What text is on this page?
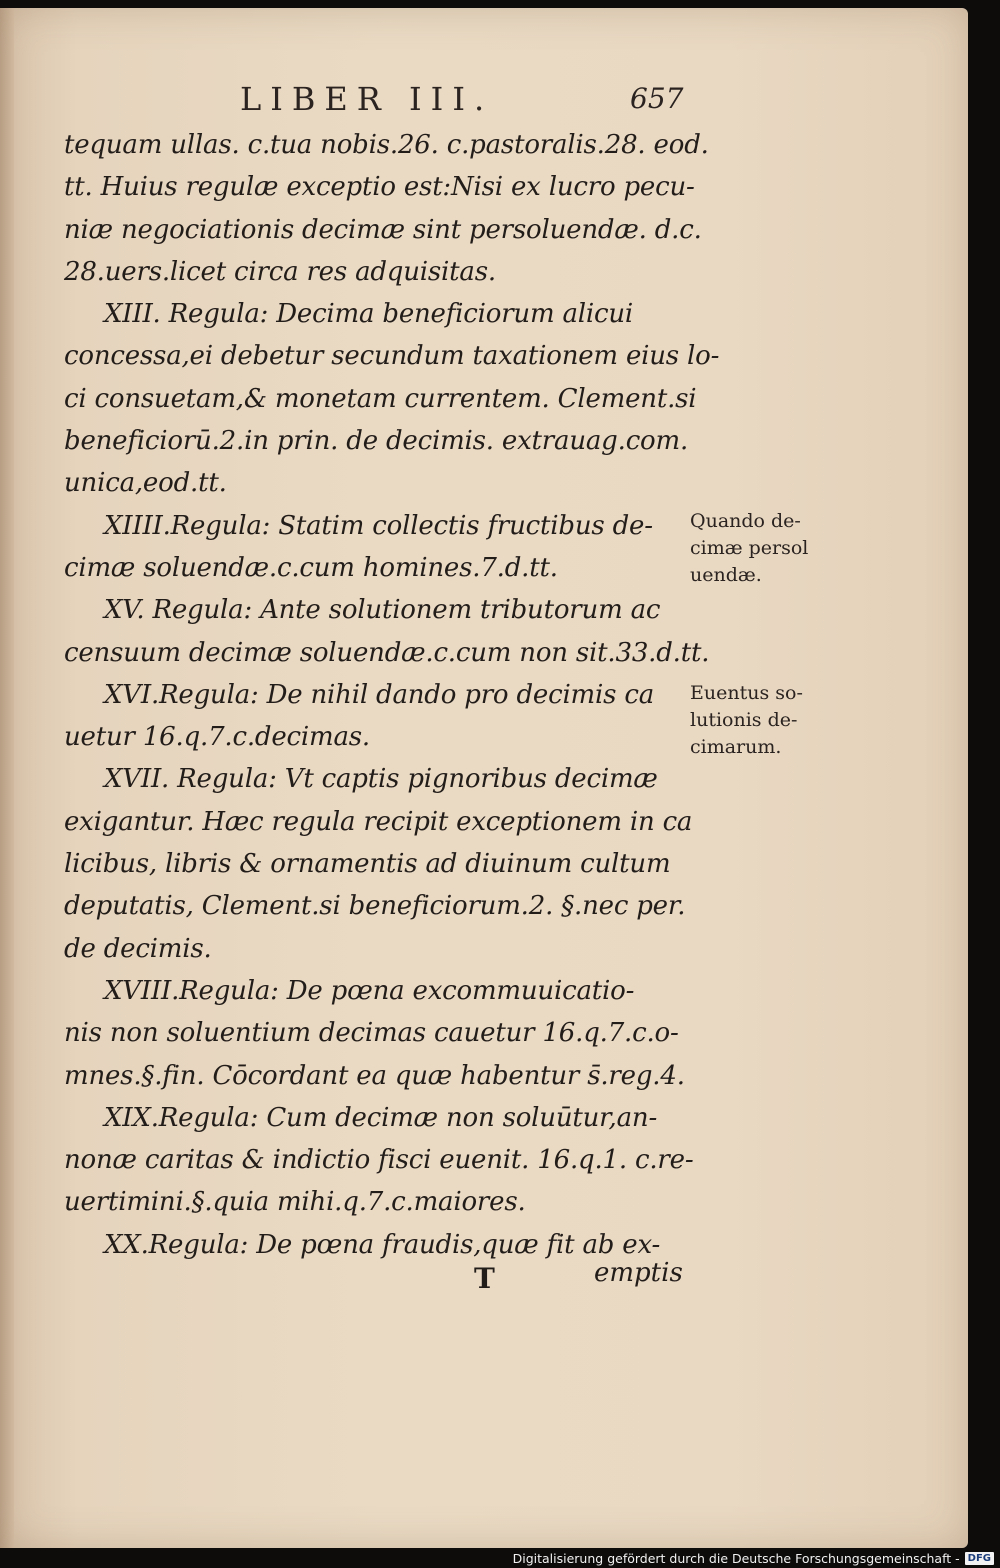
LIBER III.	657
tequam ullas. c.tua nobis.26. c.pastoralis.28. eod.
tt. Huius regulæ exceptio est:Nisi ex lucro pecu-
niæ negociationis decimæ sint persoluendæ. d.c.
28.uers.licet circa res adquisitas.
XIII. Regula: Decima beneficiorum alicui
concessa,ei debetur secundum taxationem eius lo-
ci consuetam,& monetam currentem. Clement.si
beneficiorū.2.in prin. de decimis. extrauag.com.
unica,eod.tt.
XIIII.Regula: Statim collectis fructibus de-
cimæ soluendæ.c.cum homines.7.d.tt.
XV. Regula: Ante solutionem tributorum ac
censuum decimæ soluendæ.c.cum non sit.33.d.tt.
XVI.Regula: De nihil dando pro decimis ca
uetur 16.q.7.c.decimas.
XVII. Regula: Vt captis pignoribus decimæ
exigantur. Hæc regula recipit exceptionem in ca
licibus, libris & ornamentis ad diuinum cultum
deputatis, Clement.si beneficiorum.2. §.nec per.
de decimis.
XVIII.Regula: De pœna excommuuicatio-
nis non soluentium decimas cauetur 16.q.7.c.o-
mnes.§.fin. Cōcordant ea quæ habentur s̄.reg.4.
XIX.Regula: Cum decimæ non soluūtur,an-
nonæ caritas & indictio fisci euenit. 16.q.1. c.re-
uertimini.§.quia mihi.q.7.c.maiores.
XX.Regula: De pœna fraudis,quæ fit ab ex-
Quando de-
cimæ persol
uendæ.
Euentus so-
lutionis de-
cimarum.
T	emptis
Digitalisierung gefördert durch die Deutsche Forschungsgemeinschaft - DFG
